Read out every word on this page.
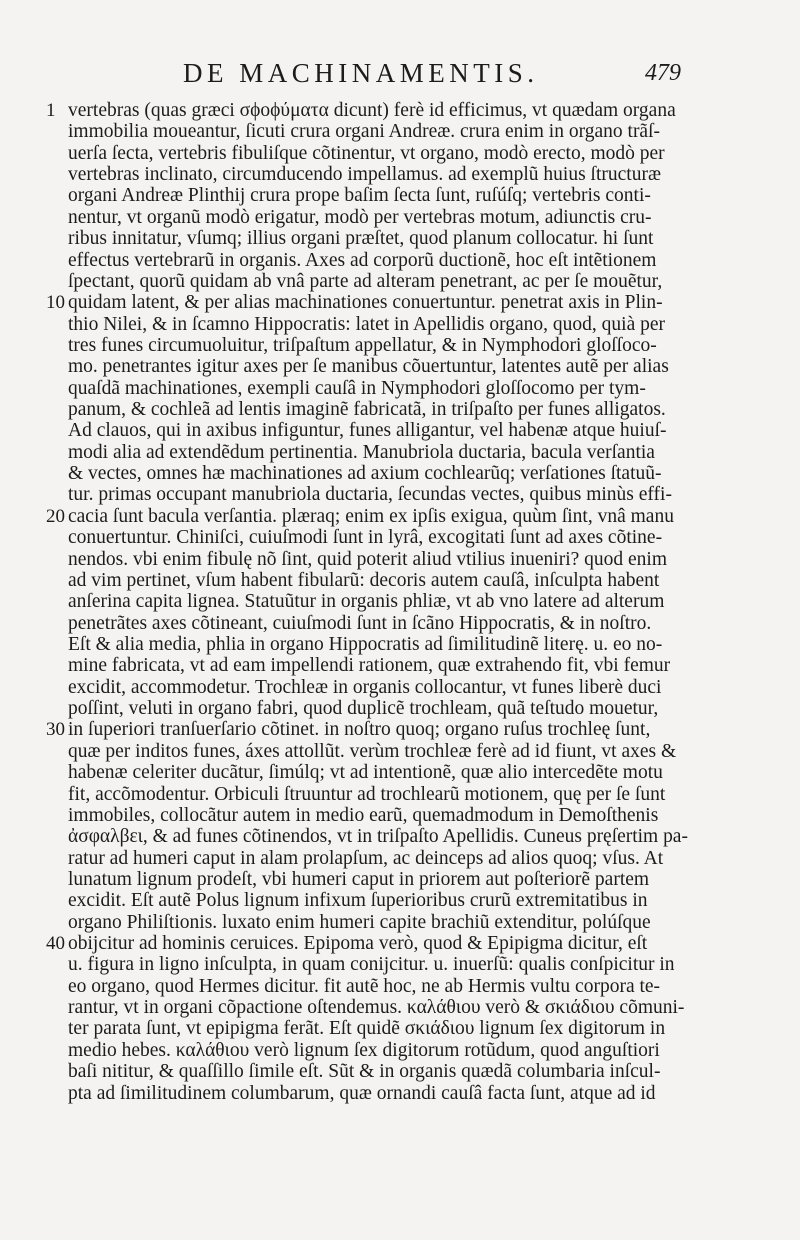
DE MACHINAMENTIS.	479
1 vertebras (quas græci σϕοϕύματα dicunt) ferè id efficimus, vt quædam organa
immobilia moueantur, ſicuti crura organi Andreæ. crura enim in organo trãſ-
uerſa ſecta, vertebris fibuliſque cõtinentur, vt organo, modò erecto, modò per
vertebras inclinato, circumducendo impellamus. ad exemplũ huius ſtructuræ
organi Andreæ Plinthij crura prope baſim ſecta ſunt, ruſúſq; vertebris conti-
nentur, vt organũ modò erigatur, modò per vertebras motum, adiunctis cru-
ribus innitatur, vſumq; illius organi præſtet, quod planum collocatur. hi ſunt
effectus vertebrarũ in organis. Axes ad corporũ ductionẽ, hoc eſt intẽtionem
ſpectant, quorũ quidam ab vnâ parte ad alteram penetrant, ac per ſe mouẽtur,
10 quidam latent, & per alias machinationes conuertuntur. penetrat axis in Plin-
thio Nilei, & in ſcamno Hippocratis: latet in Apellidis organo, quod, quià per
tres funes circumuoluitur, triſpaſtum appellatur, & in Nymphodori gloſſoco-
mo. penetrantes igitur axes per ſe manibus cõuertuntur, latentes autẽ per alias
quaſdã machinationes, exempli cauſâ in Nymphodori gloſſocomo per tym-
panum, & cochleã ad lentis imaginẽ fabricatã, in triſpaſto per funes alligatos.
Ad clauos, qui in axibus infiguntur, funes alligantur, vel habenæ atque huiuſ-
modi alia ad extendẽdum pertinentia. Manubriola ductaria, bacula verſantia
& vectes, omnes hæ machinationes ad axium cochlearũq; verſationes ſtatuũ-
tur. primas occupant manubriola ductaria, ſecundas vectes, quibus minùs effi-
20 cacia ſunt bacula verſantia. plæraq; enim ex ipſis exigua, quùm ſint, vnâ manu
conuertuntur. Chiniſci, cuiuſmodi ſunt in lyrâ, excogitati ſunt ad axes cõtine-
nendos. vbi enim fibulę nõ ſint, quid poterit aliud vtilius inueniri? quod enim
ad vim pertinet, vſum habent fibularũ: decoris autem cauſâ, inſculpta habent
anſerina capita lignea. Statuũtur in organis phliæ, vt ab vno latere ad alterum
penetrãtes axes cõtineant, cuiuſmodi ſunt in ſcãno Hippocratis, & in noſtro.
Eſt & alia media, phlia in organo Hippocratis ad ſimilitudinẽ literę. u. eo no-
mine fabricata, vt ad eam impellendi rationem, quæ extrahendo fit, vbi femur
excidit, accommodetur. Trochleæ in organis collocantur, vt funes liberè duci
poſſint, veluti in organo fabri, quod duplicẽ trochleam, quã teſtudo mouetur,
30 in ſuperiori tranſuerſario cõtinet. in noſtro quoq; organo ruſus trochleę ſunt,
quæ per inditos funes, áxes attollũt. verùm trochleæ ferè ad id fiunt, vt axes &
habenæ celeriter ducãtur, ſimúlq; vt ad intentionẽ, quæ alio intercedẽte motu
fit, accõmodentur. Orbiculi ſtruuntur ad trochlearũ motionem, quę per ſe ſunt
immobiles, collocãtur autem in medio earũ, quemadmodum in Demoſthenis
ἀσφαλβει, & ad funes cõtinendos, vt in triſpaſto Apellidis. Cuneus pręſertim pa-
ratur ad humeri caput in alam prolapſum, ac deinceps ad alios quoq; vſus. At
lunatum lignum prodeſt, vbi humeri caput in priorem aut poſteriorẽ partem
excidit. Eſt autẽ Polus lignum infixum ſuperioribus crurũ extremitatibus in
organo Philiſtionis. luxato enim humeri capite brachiũ extenditur, polúſque
40 obijcitur ad hominis ceruices. Epipoma verò, quod & Epipigma dicitur, eſt
u. figura in ligno inſculpta, in quam conijcitur. u. inuerſũ: qualis conſpicitur in
eo organo, quod Hermes dicitur. fit autẽ hoc, ne ab Hermis vultu corpora te-
rantur, vt in organi cõpactione oſtendemus. καλάθιου verò & σκιάδιου cõmuni-
ter parata ſunt, vt epipigma ferãt. Eſt quidẽ σκιάδιου lignum ſex digitorum in
medio hebes. καλάθιου verò lignum ſex digitorum rotũdum, quod anguſtiori
baſi nititur, & quaſſillo ſimile eſt. Sũt & in organis quædã columbaria inſcul-
pta ad ſimilitudinem columbarum, quæ ornandi cauſâ facta ſunt, atque ad id
